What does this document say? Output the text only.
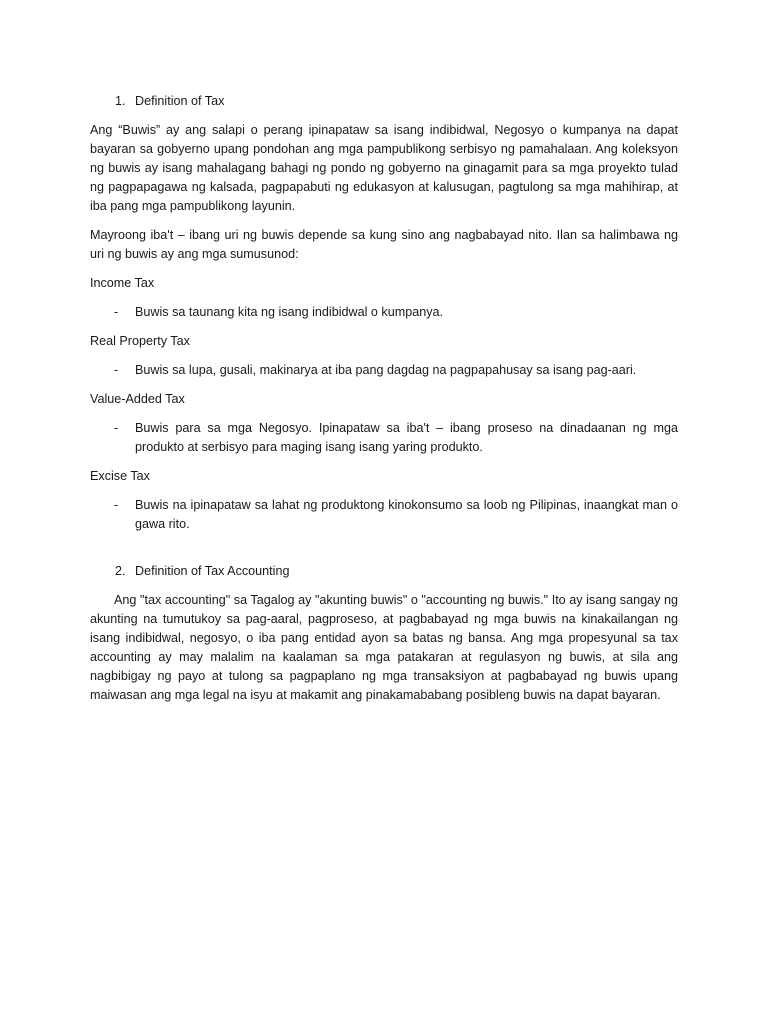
1. Definition of Tax

Ang “Buwis” ay ang salapi o perang ipinapataw sa isang indibidwal, Negosyo o kumpanya na dapat bayaran sa gobyerno upang pondohan ang mga pampublikong serbisyo ng pamahalaan. Ang koleksyon ng buwis ay isang mahalagang bahagi ng pondo ng gobyerno na ginagamit para sa mga proyekto tulad ng pagpapagawa ng kalsada, pagpapabuti ng edukasyon at kalusugan, pagtulong sa mga mahihirap, at iba pang mga pampublikong layunin.

Mayroong iba't – ibang uri ng buwis depende sa kung sino ang nagbabayad nito. Ilan sa halimbawa ng uri ng buwis ay ang mga sumusunod:

Income Tax
-	Buwis sa taunang kita ng isang indibidwal o kumpanya.
Real Property Tax
-	Buwis sa lupa, gusali, makinarya at iba pang dagdag na pagpapahusay sa isang pag-aari.
Value-Added Tax
-	Buwis para sa mga Negosyo. Ipinapataw sa iba't – ibang proseso na dinadaanan ng mga produkto at serbisyo para maging isang isang yaring produkto.
Excise Tax
-	Buwis na ipinapataw sa lahat ng produktong kinokonsumo sa loob ng Pilipinas, inaangkat man o gawa rito.
2. Definition of Tax Accounting

Ang "tax accounting" sa Tagalog ay "akunting buwis" o "accounting ng buwis." Ito ay isang sangay ng akunting na tumutukoy sa pag-aaral, pagproseso, at pagbabayad ng mga buwis na kinakailangan ng isang indibidwal, negosyo, o iba pang entidad ayon sa batas ng bansa. Ang mga propesyunal sa tax accounting ay may malalim na kaalaman sa mga patakaran at regulasyon ng buwis, at sila ang nagbibigay ng payo at tulong sa pagpaplano ng mga transaksiyon at pagbabayad ng buwis upang maiwasan ang mga legal na isyu at makamit ang pinakamababang posibleng buwis na dapat bayaran.
